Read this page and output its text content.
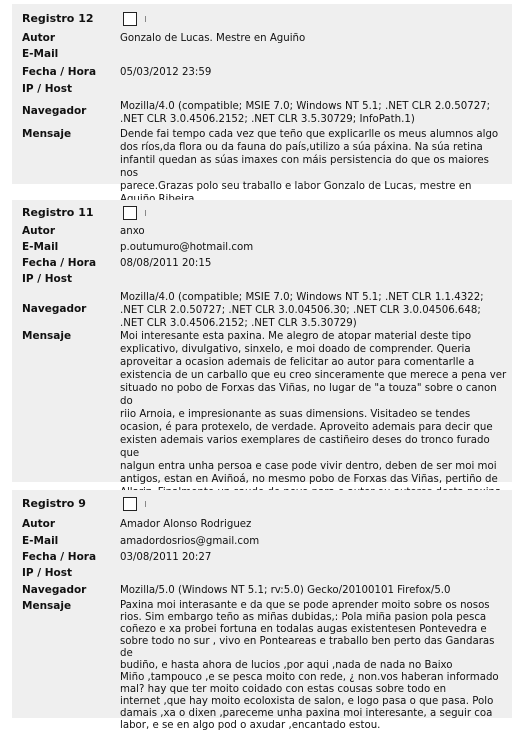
Registro 12
Autor	Gonzalo de Lucas. Mestre en Aguiño
E-Mail
Fecha / Hora 05/03/2012 23:59
IP / Host
Navegador	Mozilla/4.0 (compatible; MSIE 7.0; Windows NT 5.1; .NET CLR 2.0.50727;
.NET CLR 3.0.4506.2152; .NET CLR 3.5.30729; InfoPath.1)
Mensaje	Dende fai tempo cada vez que teño que explicarlle os meus alumnos algo
dos ríos,da flora ou da fauna do país,utilizo a súa páxina. Na súa retina
infantil quedan as súas imaxes con máis persistencia do que os maiores nos
parece.Grazas polo seu traballo e labor Gonzalo de Lucas, mestre en
Registro 11
Autor	anxo
E-Mail	p.outumuro@hotmail.com
Fecha / Hora 08/08/2011 20:15
IP / Host
Navegador
Mozilla/4.0 (compatible; MSIE 7.0; Windows NT 5.1; .NET CLR 1.1.4322;
.NET CLR 2.0.50727; .NET CLR 3.0.04506.30; .NET CLR 3.0.04506.648;
.NET CLR 3.0.4506.2152; .NET CLR 3.5.30729)
Mensaje	Moi interesante esta paxina. Me alegro de atopar material deste tipo
explicativo, divulgativo, sinxelo, e moi doado de comprender. Queria
aproveitar a ocasion ademais de felicitar ao autor para comentarlle a
existencia de un carballo que eu creo sinceramente que merece a pena ver
situado no pobo de Forxas das Viñas, no lugar de "a touza" sobre o canon do
riio Arnoia, e impresionante as suas dimensions. Visitadeo se tendes
ocasion, é para protexelo, de verdade. Aproveito ademais para decir que
existen ademais varios exemplares de castiñeiro deses do tronco furado que
nalgun entra unha persoa e case pode vivir dentro, deben de ser moi moi
antigos, estan en Aviñoá, no mesmo pobo de Forxas das Viñas, pertiño de
Registro 9
Autor	Amador Alonso Rodriguez
E-Mail	amadordosrios@gmail.com
Fecha / Hora 03/08/2011 20:27
IP / Host
Navegador	Mozilla/5.0 (Windows NT 5.1; rv:5.0) Gecko/20100101 Firefox/5.0
Mensaje	Paxina moi interasante e da que se pode aprender moito sobre os nosos
rios. Sim embargo teño as miñas dubidas,: Pola miña pasion pola pesca
coñezo e xa probei fortuna en todalas augas existentesen Pontevedra e
sobre todo no sur , vivo en Ponteareas e traballo ben perto das Gandaras de
budiño, e hasta ahora de lucios ,por aqui ,nada de nada no Baixo
Miño ,tampouco ,e se pesca moito con rede, ¿ non.vos haberan informado
mal? hay que ter moito coidado con estas cousas sobre todo en
internet ,que hay moito ecoloxista de salon, e logo pasa o que pasa. Polo
damais ,xa o dixen ,pareceme unha paxina moi interesante, a seguir coa
labor, e se en algo pod o axudar ,encantado estou.
